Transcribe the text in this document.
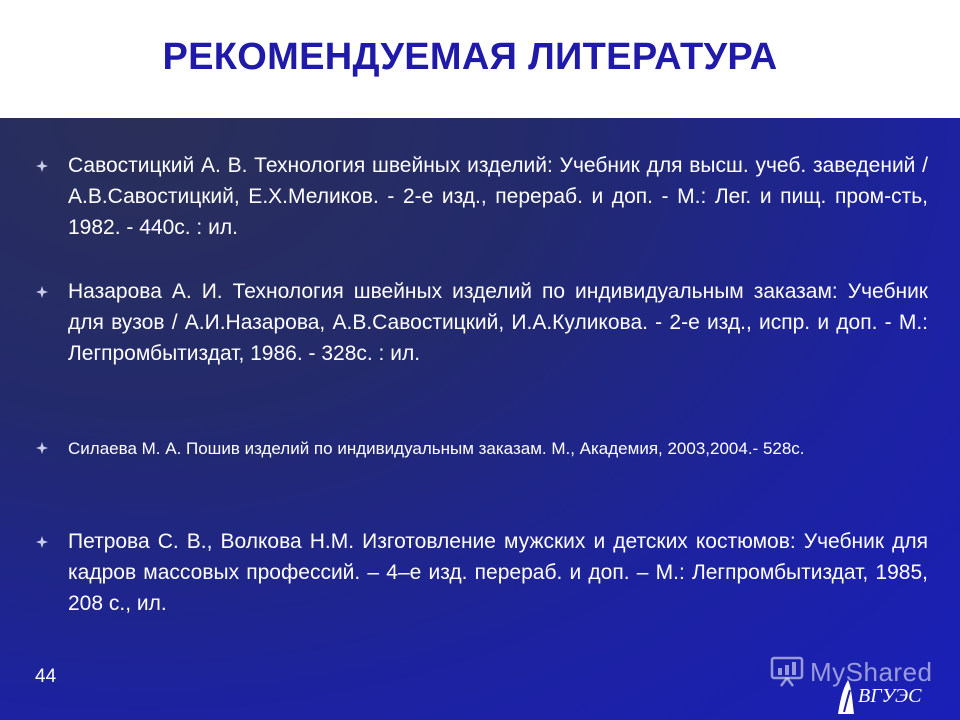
РЕКОМЕНДУЕМАЯ ЛИТЕРАТУРА
Савостицкий А. В. Технология швейных изделий: Учебник для высш. учеб. заведений / А.В.Савостицкий, Е.Х.Меликов. - 2-е изд., перераб. и доп. - М.: Лег. и пищ. пром-сть, 1982. - 440с. : ил.
Назарова А. И. Технология швейных изделий по индивидуальным заказам: Учебник для вузов / А.И.Назарова, А.В.Савостицкий, И.А.Куликова. - 2-е изд., испр. и доп. - М.: Легпромбытиздат, 1986. - 328с. : ил.
Силаева М. А. Пошив изделий по индивидуальным заказам. М., Академия, 2003,2004.- 528с.
Петрова С. В., Волкова Н.М. Изготовление мужских и детских костюмов: Учебник для кадров массовых профессий. – 4–е изд. перераб. и доп. – М.: Легпромбытиздат, 1985, 208 с., ил.
44	MyShared
ВГУЭС
